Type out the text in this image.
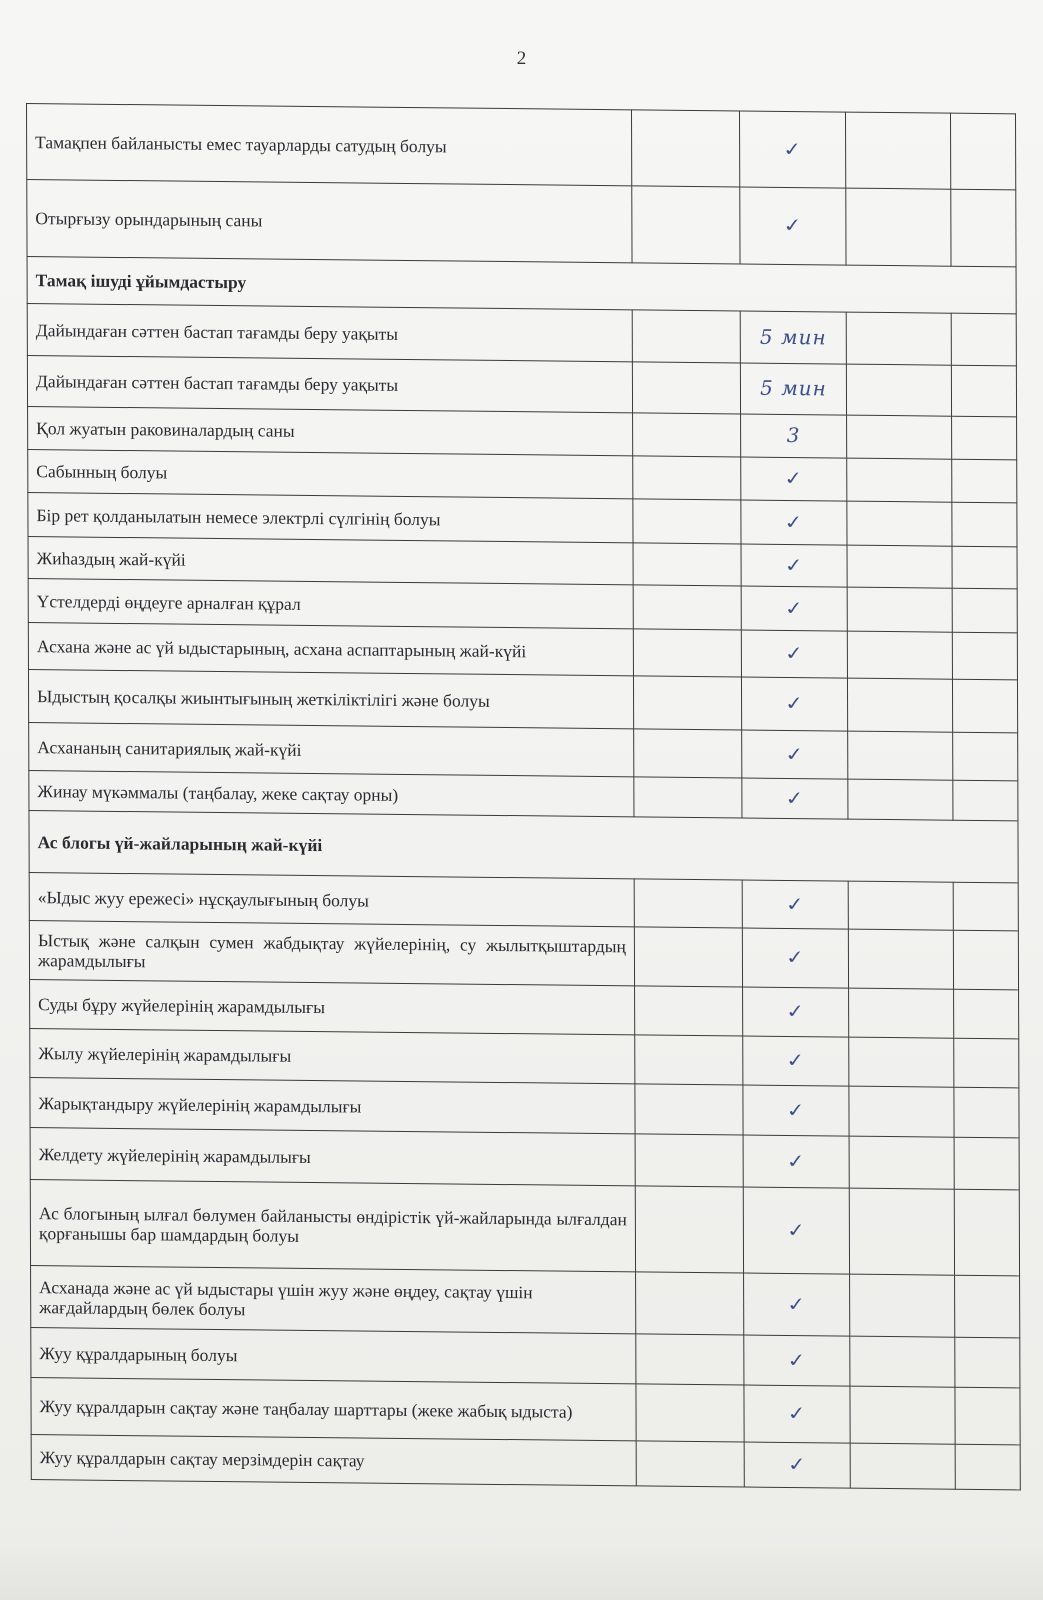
2
Тамақпен байланысты емес тауарларды сатудың болуы		✓		
Отырғызу орындарының саны		✓		
Тамақ ішуді ұйымдастыру				
Дайындаған сәттен бастап тағамды беру уақыты		5 мин		
Дайындаған сәттен бастап тағамды беру уақыты		5 мин		
Қол жуатын раковиналардың саны		3		
Сабынның болуы		✓		
Бір рет қолданылатын немесе электрлі сүлгінің болуы		✓		
Жиһаздың жай-күйі		✓		
Үстелдерді өңдеуге арналған құрал		✓		
Асхана және ас үй ыдыстарының, асхана аспаптарының жай-күйі		✓		
Ыдыстың қосалқы жиынтығының жеткіліктілігі және болуы		✓		
Асхананың санитариялық жай-күйі		✓		
Жинау мүкәммалы (таңбалау, жеке сақтау орны)		✓		
Ас блогы үй-жайларының жай-күйі				
«Ыдыс жуу ережесі» нұсқаулығының болуы		✓		
Ыстық және салқын сумен жабдықтау жүйелерінің, су жылытқыштардың жарамдылығы		✓		
Суды бұру жүйелерінің жарамдылығы		✓		
Жылу жүйелерінің жарамдылығы		✓		
Жарықтандыру жүйелерінің жарамдылығы		✓		
Желдету жүйелерінің жарамдылығы		✓		
Ас блогының ылғал бөлумен байланысты өндірістік үй-жайларында ылғалдан қорғанышы бар шамдардың болуы		✓		
Асханада және ас үй ыдыстары үшін жуу және өңдеу, сақтау үшін жағдайлардың бөлек болуы		✓		
Жуу құралдарының болуы		✓		
Жуу құралдарын сақтау және таңбалау шарттары (жеке жабық ыдыста)		✓		
Жуу құралдарын сақтау мерзімдерін сақтау		✓		
